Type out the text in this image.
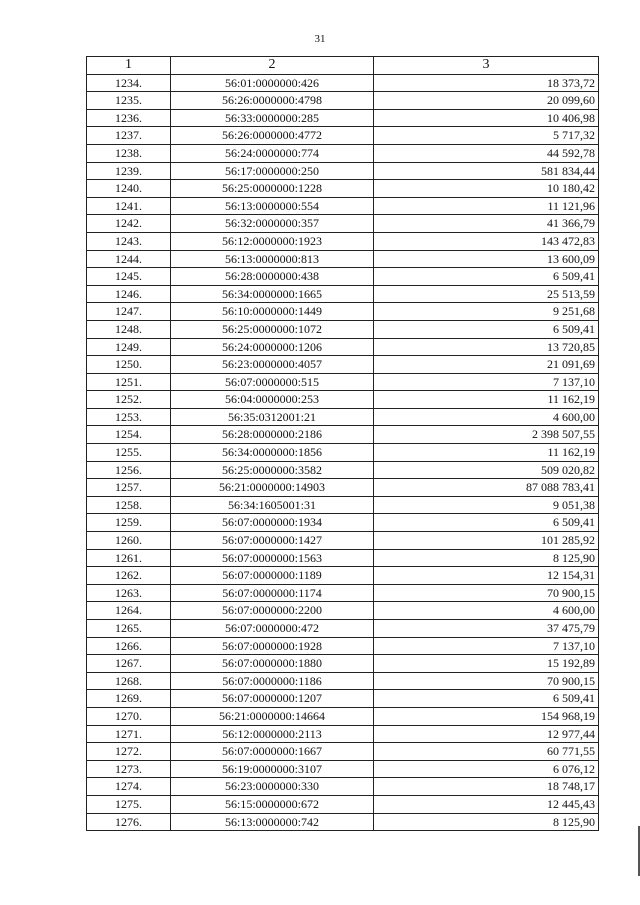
31
1	2	3
1234.	56:01:0000000:426	18 373,72
1235.	56:26:0000000:4798	20 099,60
1236.	56:33:0000000:285	10 406,98
1237.	56:26:0000000:4772	5 717,32
1238.	56:24:0000000:774	44 592,78
1239.	56:17:0000000:250	581 834,44
1240.	56:25:0000000:1228	10 180,42
1241.	56:13:0000000:554	11 121,96
1242.	56:32:0000000:357	41 366,79
1243.	56:12:0000000:1923	143 472,83
1244.	56:13:0000000:813	13 600,09
1245.	56:28:0000000:438	6 509,41
1246.	56:34:0000000:1665	25 513,59
1247.	56:10:0000000:1449	9 251,68
1248.	56:25:0000000:1072	6 509,41
1249.	56:24:0000000:1206	13 720,85
1250.	56:23:0000000:4057	21 091,69
1251.	56:07:0000000:515	7 137,10
1252.	56:04:0000000:253	11 162,19
1253.	56:35:0312001:21	4 600,00
1254.	56:28:0000000:2186	2 398 507,55
1255.	56:34:0000000:1856	11 162,19
1256.	56:25:0000000:3582	509 020,82
1257.	56:21:0000000:14903	87 088 783,41
1258.	56:34:1605001:31	9 051,38
1259.	56:07:0000000:1934	6 509,41
1260.	56:07:0000000:1427	101 285,92
1261.	56:07:0000000:1563	8 125,90
1262.	56:07:0000000:1189	12 154,31
1263.	56:07:0000000:1174	70 900,15
1264.	56:07:0000000:2200	4 600,00
1265.	56:07:0000000:472	37 475,79
1266.	56:07:0000000:1928	7 137,10
1267.	56:07:0000000:1880	15 192,89
1268.	56:07:0000000:1186	70 900,15
1269.	56:07:0000000:1207	6 509,41
1270.	56:21:0000000:14664	154 968,19
1271.	56:12:0000000:2113	12 977,44
1272.	56:07:0000000:1667	60 771,55
1273.	56:19:0000000:3107	6 076,12
1274.	56:23:0000000:330	18 748,17
1275.	56:15:0000000:672	12 445,43
1276.	56:13:0000000:742	8 125,90
